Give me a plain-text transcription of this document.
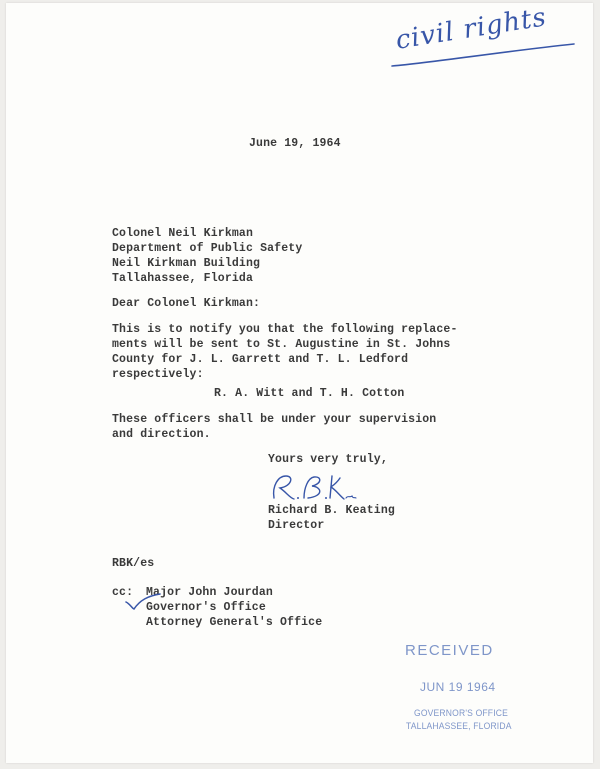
civil rights
June 19, 1964
Colonel Neil Kirkman
Department of Public Safety
Neil Kirkman Building
Tallahassee, Florida
Dear Colonel Kirkman:
This is to notify you that the following replace-
ments will be sent to St. Augustine in St. Johns
County for J. L. Garrett and T. L. Ledford
respectively:
R. A. Witt and T. H. Cotton
These officers shall be under your supervision
and direction.
Yours very truly,
Richard B. Keating
Director
RBK/es
cc: Major John Jourdan
Governor's Office
Attorney General's Office
RECEIVED
JUN 19 1964
GOVERNOR'S OFFICE
TALLAHASSEE, FLORIDA
